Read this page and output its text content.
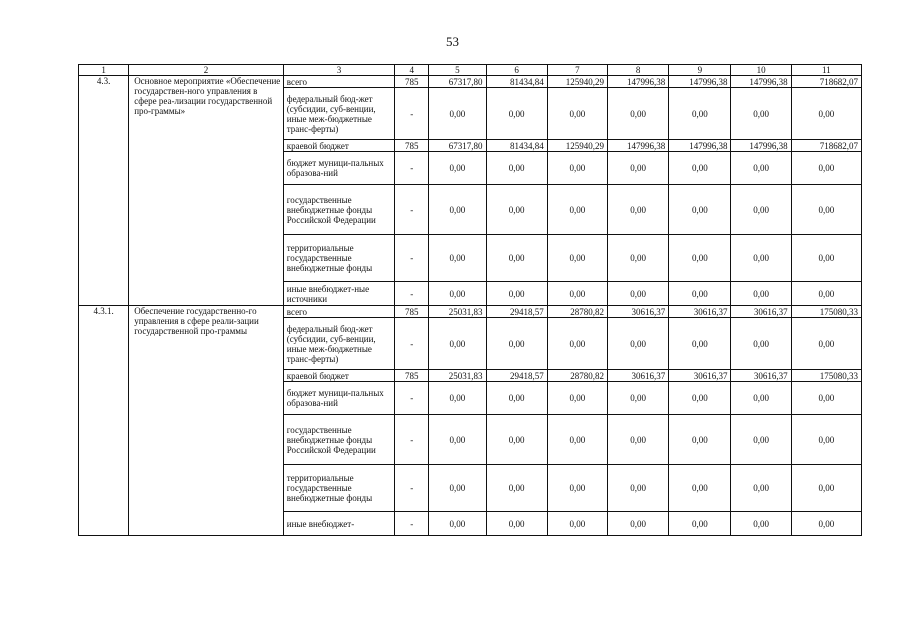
53
1	2	3	4	5	6	7	8	9	10	11
4.3.	Основное мероприятие «Обеспечение государствен-ного управления в сфере реа-лизации государственной про-граммы»	всего	785	67317,80	81434,84	125940,29	147996,38	147996,38	147996,38	718682,07
		федеральный бюд-жет (субсидии, суб-венции, иные меж-бюджетные транс-ферты)	-	0,00	0,00	0,00	0,00	0,00	0,00	0,00
		краевой бюджет	785	67317,80	81434,84	125940,29	147996,38	147996,38	147996,38	718682,07
		бюджет муници-пальных образова-ний	-	0,00	0,00	0,00	0,00	0,00	0,00	0,00
		государственные внебюджетные фонды Российской Федерации	-	0,00	0,00	0,00	0,00	0,00	0,00	0,00
		территориальные государственные внебюджетные фонды	-	0,00	0,00	0,00	0,00	0,00	0,00	0,00
		иные внебюджет-ные источники	-	0,00	0,00	0,00	0,00	0,00	0,00	0,00
4.3.1.	Обеспечение государственно-го управления в сфере реали-зации государственной про-граммы	всего	785	25031,83	29418,57	28780,82	30616,37	30616,37	30616,37	175080,33
		федеральный бюд-жет (субсидии, суб-венции, иные меж-бюджетные транс-ферты)	-	0,00	0,00	0,00	0,00	0,00	0,00	0,00
		краевой бюджет	785	25031,83	29418,57	28780,82	30616,37	30616,37	30616,37	175080,33
		бюджет муници-пальных образова-ний	-	0,00	0,00	0,00	0,00	0,00	0,00	0,00
		государственные внебюджетные фонды Российской Федерации	-	0,00	0,00	0,00	0,00	0,00	0,00	0,00
		территориальные государственные внебюджетные фонды	-	0,00	0,00	0,00	0,00	0,00	0,00	0,00
		иные внебюджет-	-	0,00	0,00	0,00	0,00	0,00	0,00	0,00
